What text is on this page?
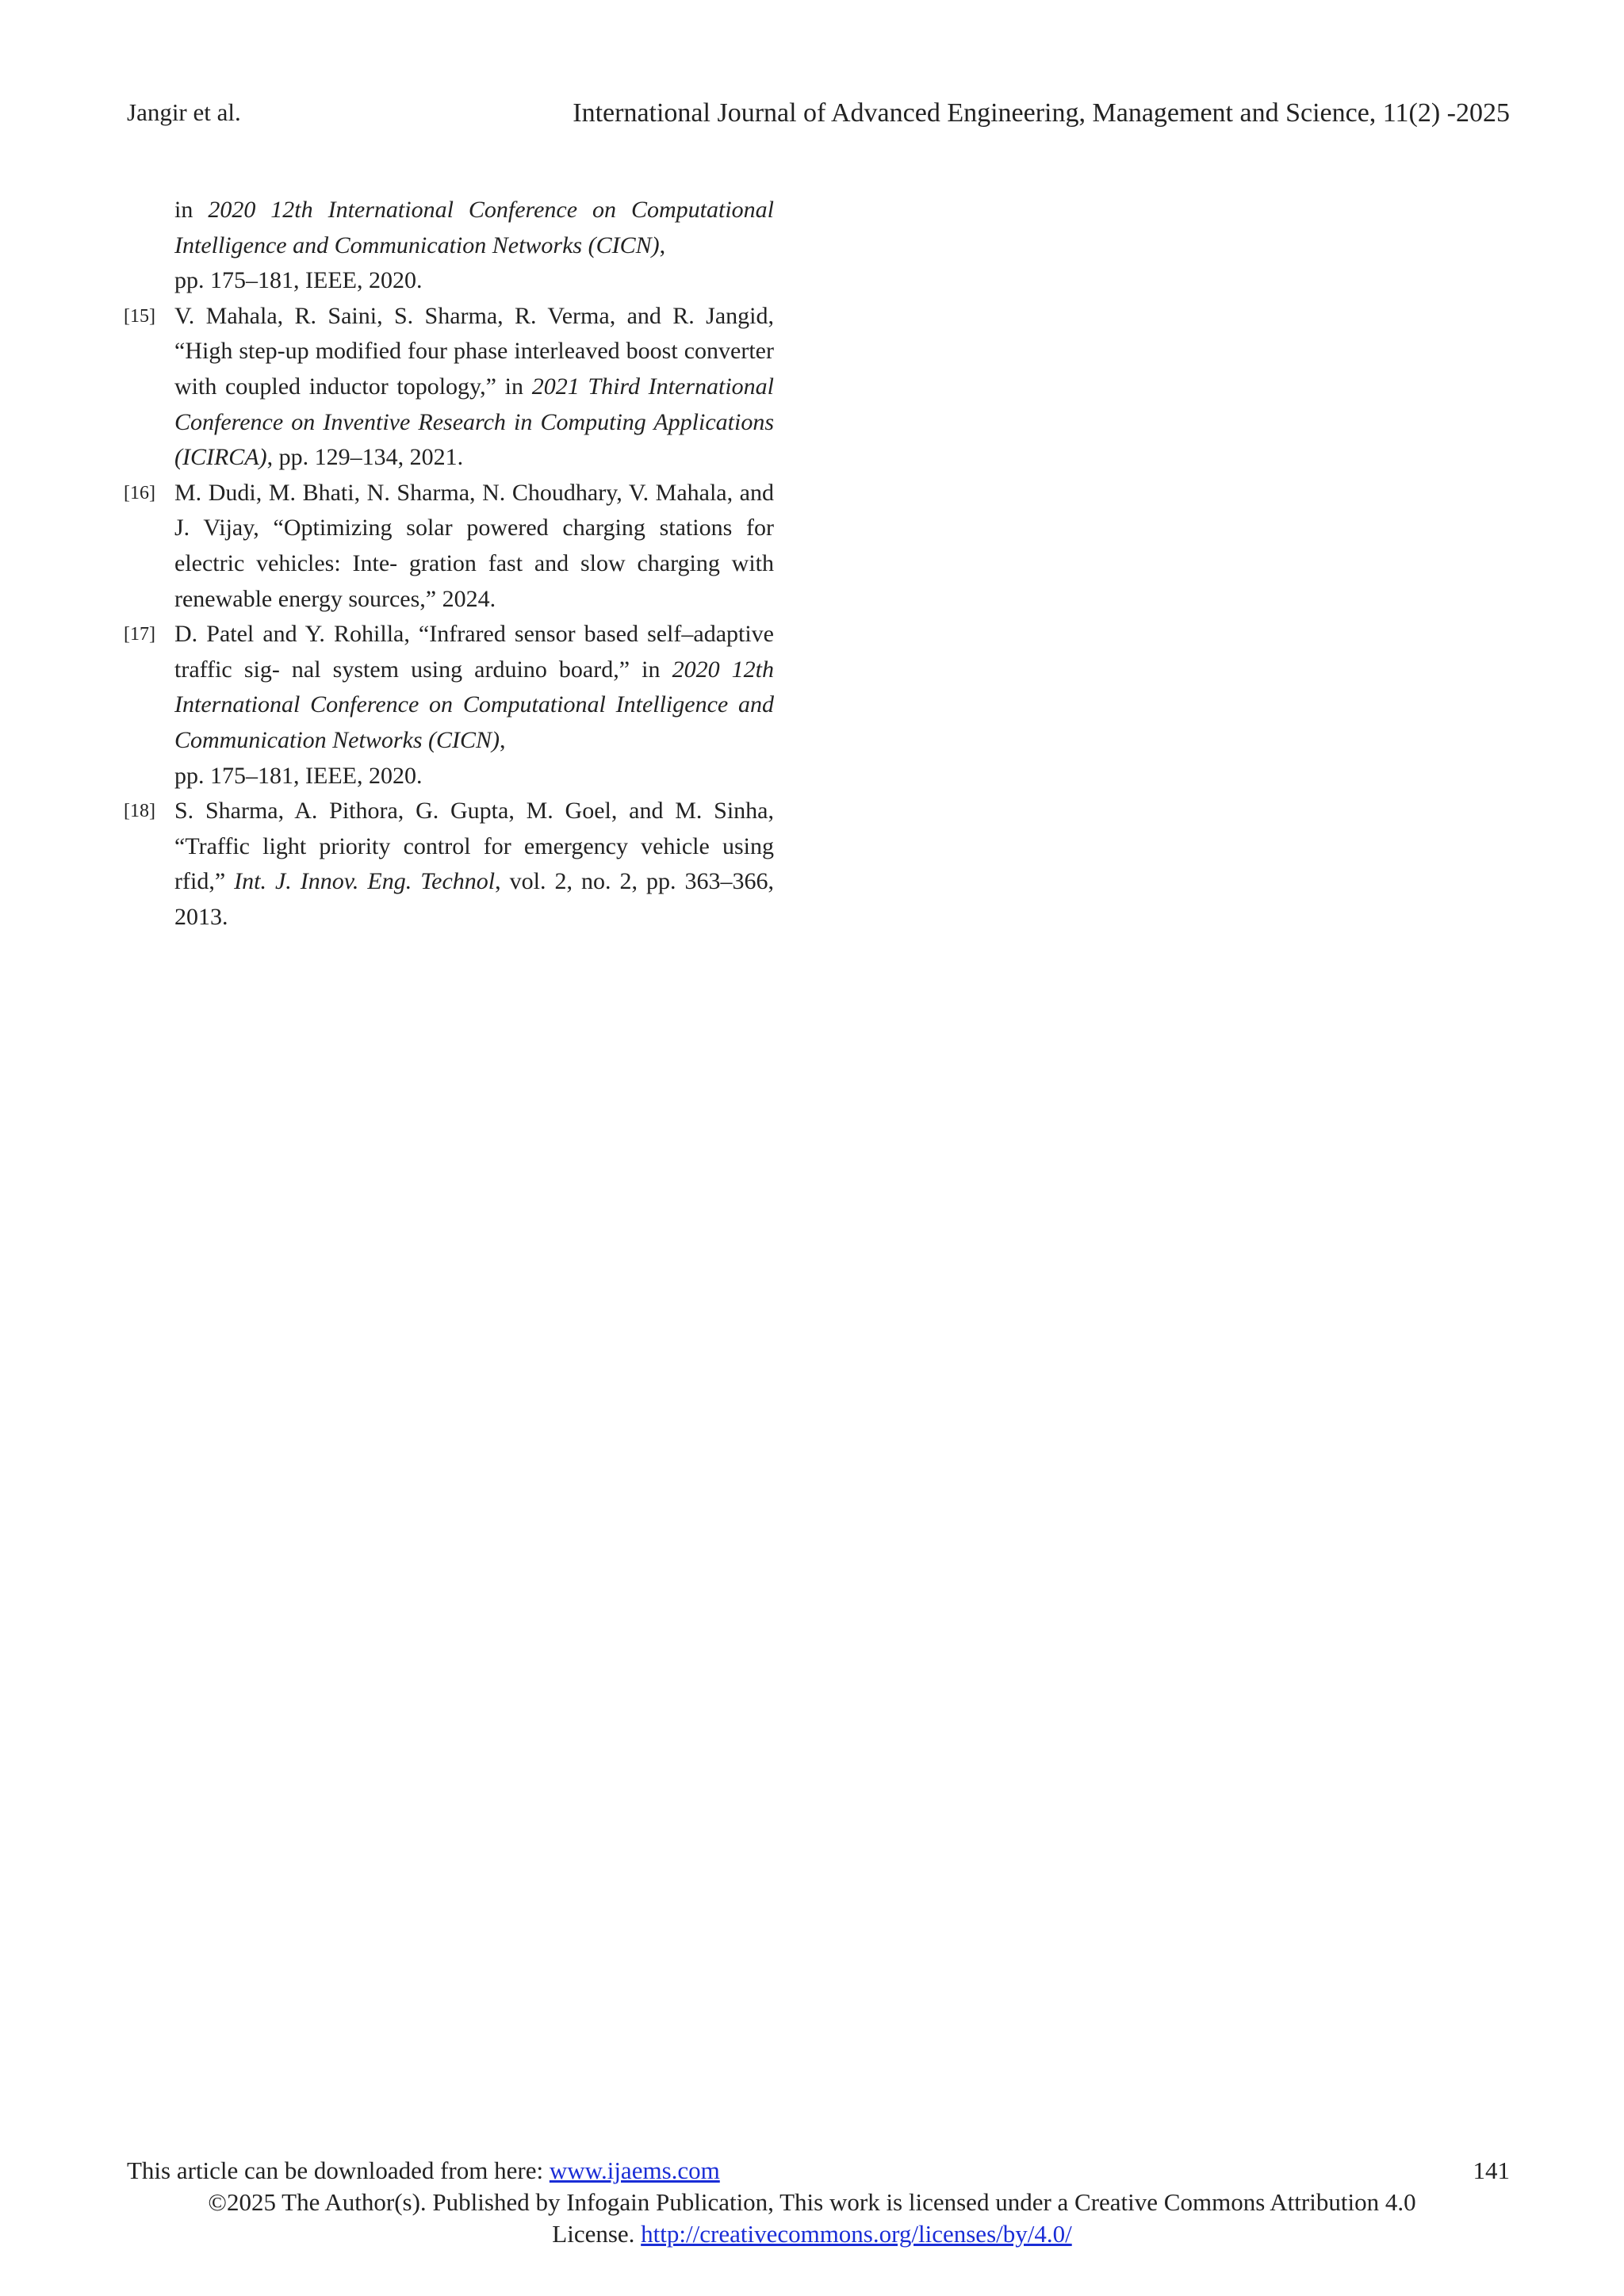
Jangir et al.	International Journal of Advanced Engineering, Management and Science, 11(2) -2025
in 2020 12th International Conference on Computational Intelligence and Communication Networks (CICN),
pp. 175–181, IEEE, 2020.
[15] V. Mahala, R. Saini, S. Sharma, R. Verma, and R. Jangid, “High step-up modified four phase interleaved boost converter with coupled inductor topology,” in 2021 Third International Conference on Inventive Research in Computing Applications (ICIRCA), pp. 129–134, 2021.
[16] M. Dudi, M. Bhati, N. Sharma, N. Choudhary, V. Mahala, and J. Vijay, “Optimizing solar powered charging stations for electric vehicles: Inte- gration fast and slow charging with renewable energy sources,” 2024.
[17] D. Patel and Y. Rohilla, “Infrared sensor based self–adaptive traffic sig- nal system using arduino board,” in 2020 12th International Conference on Computational Intelligence and Communication Networks (CICN),
pp. 175–181, IEEE, 2020.
[18] S. Sharma, A. Pithora, G. Gupta, M. Goel, and M. Sinha, “Traffic light priority control for emergency vehicle using rfid,” Int. J. Innov. Eng. Technol, vol. 2, no. 2, pp. 363–366, 2013.
This article can be downloaded from here: www.ijaems.com	141
©2025 The Author(s). Published by Infogain Publication, This work is licensed under a Creative Commons Attribution 4.0
License. http://creativecommons.org/licenses/by/4.0/
